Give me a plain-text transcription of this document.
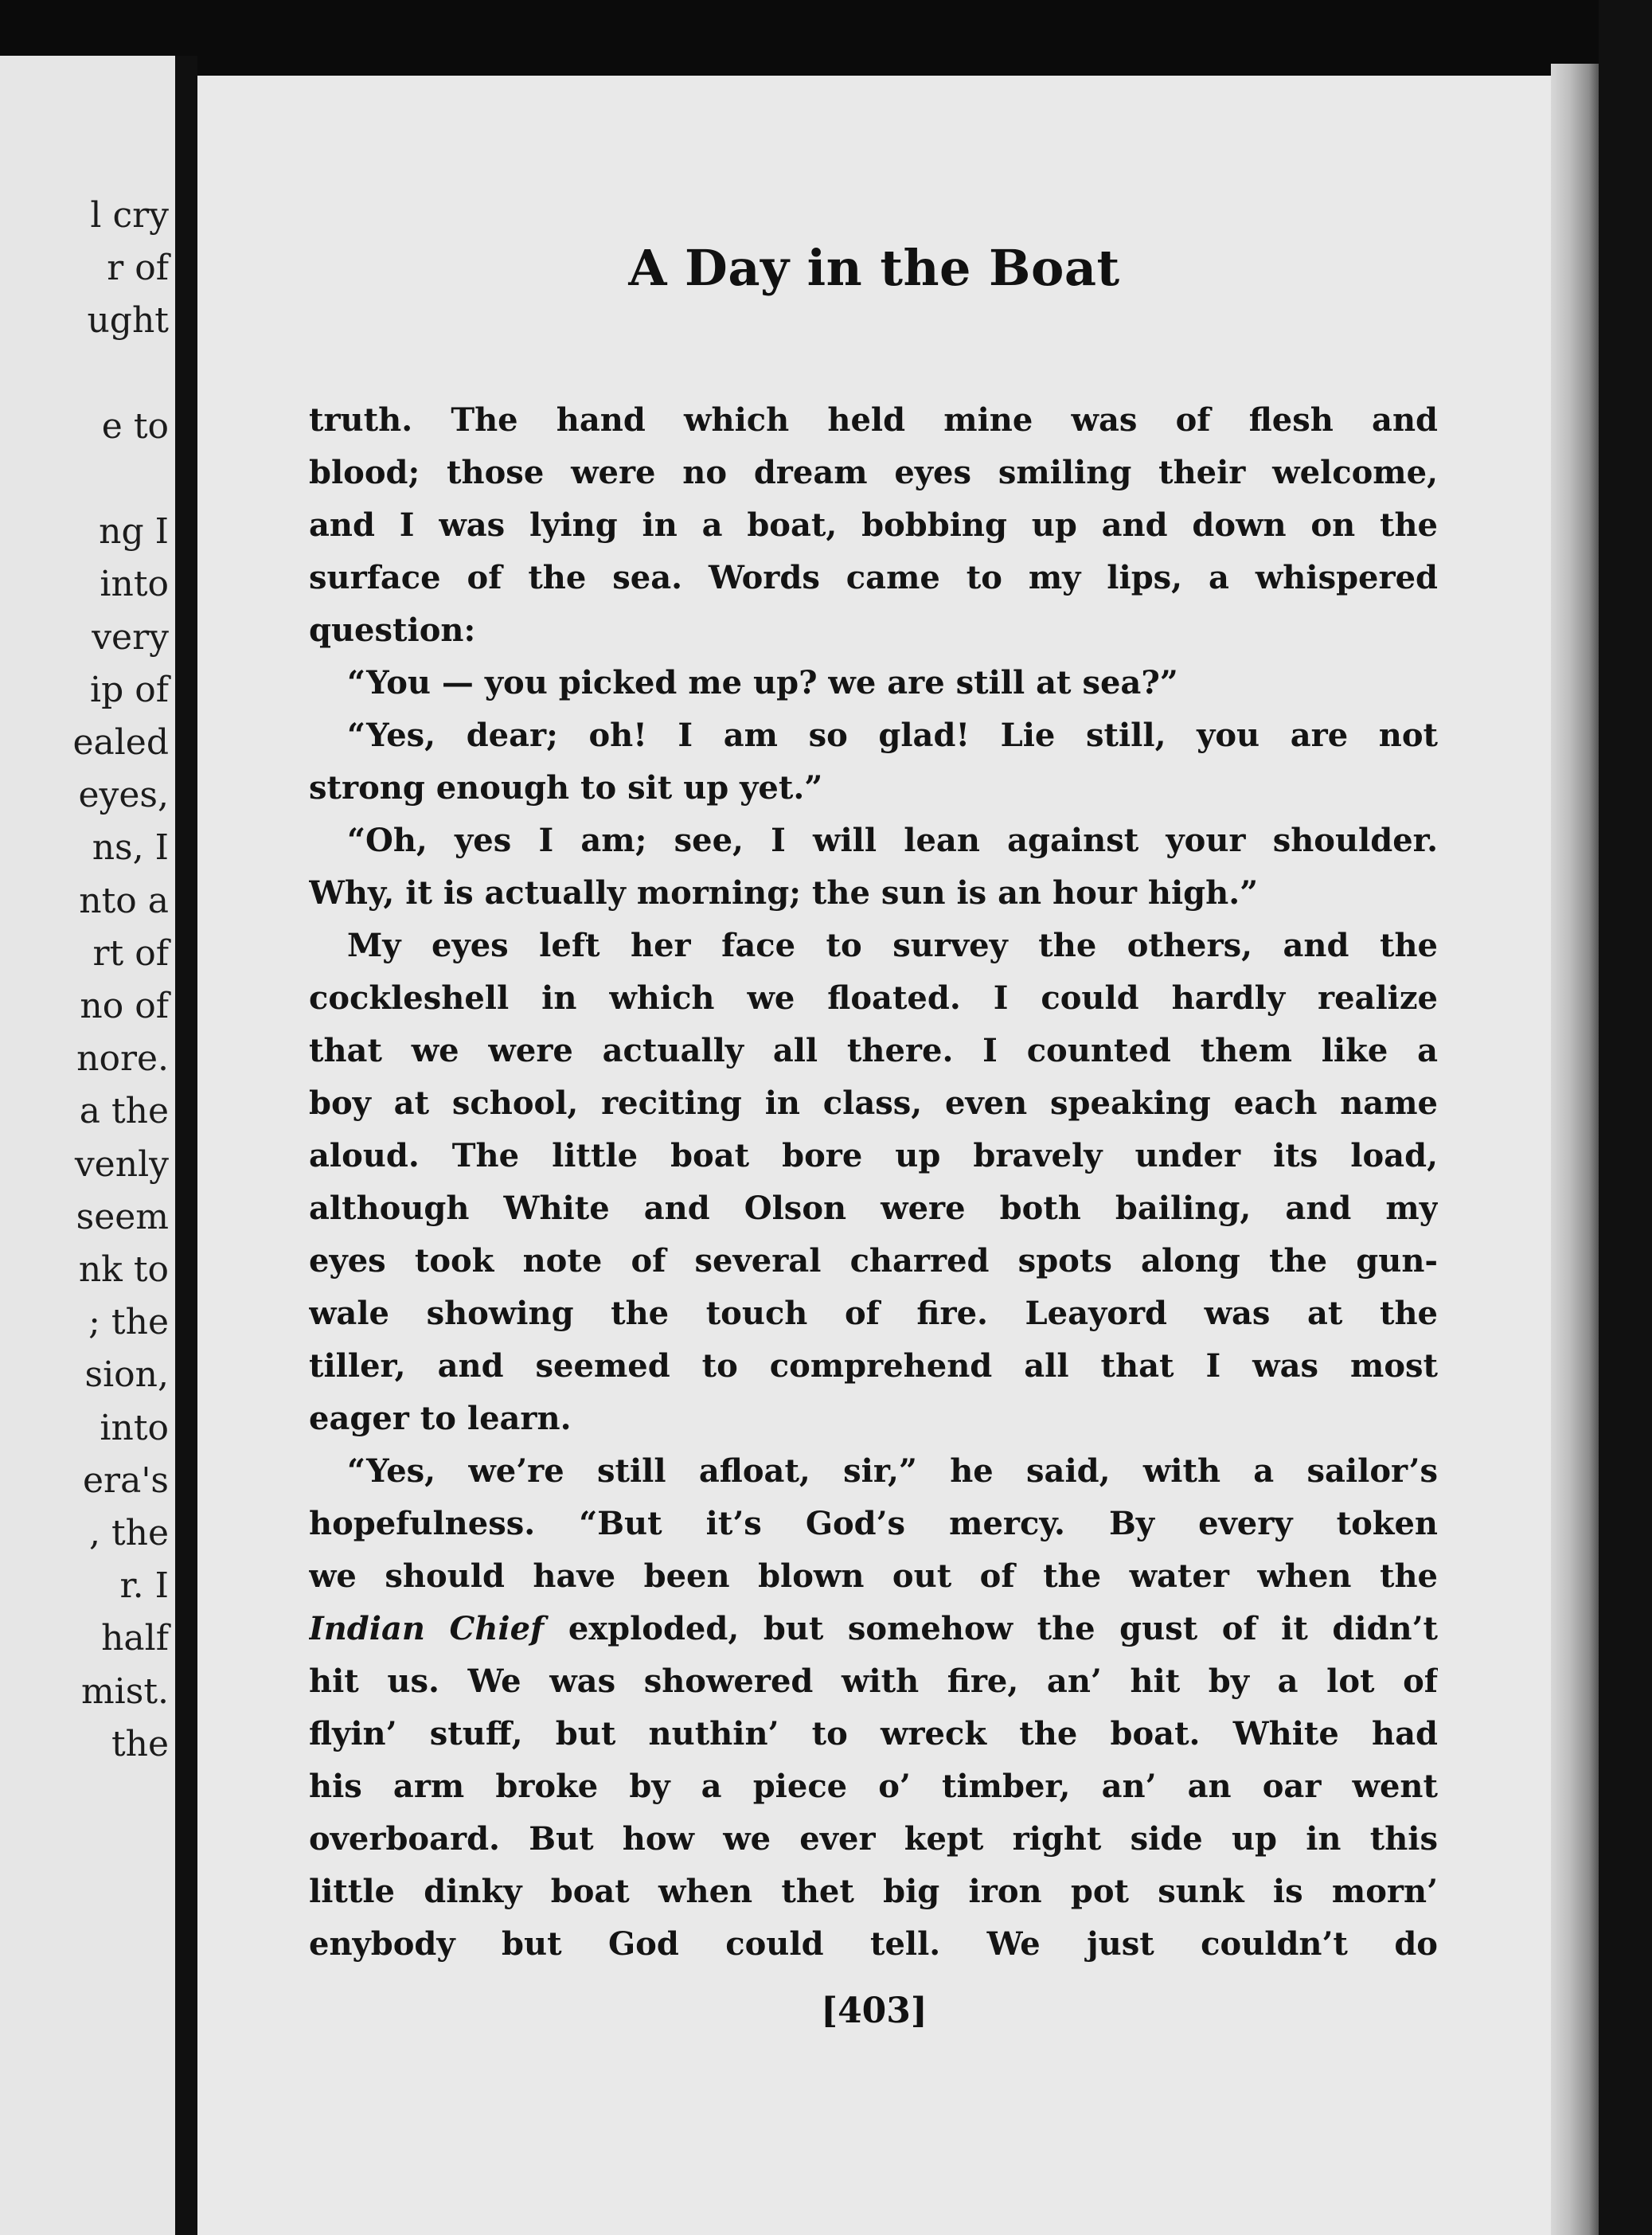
l cry
r of
ught
e to
ng I
into
very
ip of
ealed
eyes,
ns, I
nto a
rt of
no of
nore.
a the
venly
seem
nk to
; the
sion,
into
era's
, the
r. I
half
mist.
the
A Day in the Boat
truth. The hand which held mine was of flesh and
blood; those were no dream eyes smiling their welcome,
and I was lying in a boat, bobbing up and down on the
surface of the sea. Words came to my lips, a whispered
question:
“You — you picked me up? we are still at sea?”
“Yes, dear; oh! I am so glad! Lie still, you are not
strong enough to sit up yet.”
“Oh, yes I am; see, I will lean against your shoulder.
Why, it is actually morning; the sun is an hour high.”
My eyes left her face to survey the others, and the
cockleshell in which we floated. I could hardly realize
that we were actually all there. I counted them like a
boy at school, reciting in class, even speaking each name
aloud. The little boat bore up bravely under its load,
although White and Olson were both bailing, and my
eyes took note of several charred spots along the gun-
wale showing the touch of fire. Leayord was at the
tiller, and seemed to comprehend all that I was most
eager to learn.
“Yes, we’re still afloat, sir,” he said, with a sailor’s
hopefulness. “But it’s God’s mercy. By every token
we should have been blown out of the water when the
Indian Chief exploded, but somehow the gust of it didn’t
hit us. We was showered with fire, an’ hit by a lot of
flyin’ stuff, but nuthin’ to wreck the boat. White had
his arm broke by a piece o’ timber, an’ an oar went
overboard. But how we ever kept right side up in this
little dinky boat when thet big iron pot sunk is morn’
enybody but God could tell. We just couldn’t do
[403]
